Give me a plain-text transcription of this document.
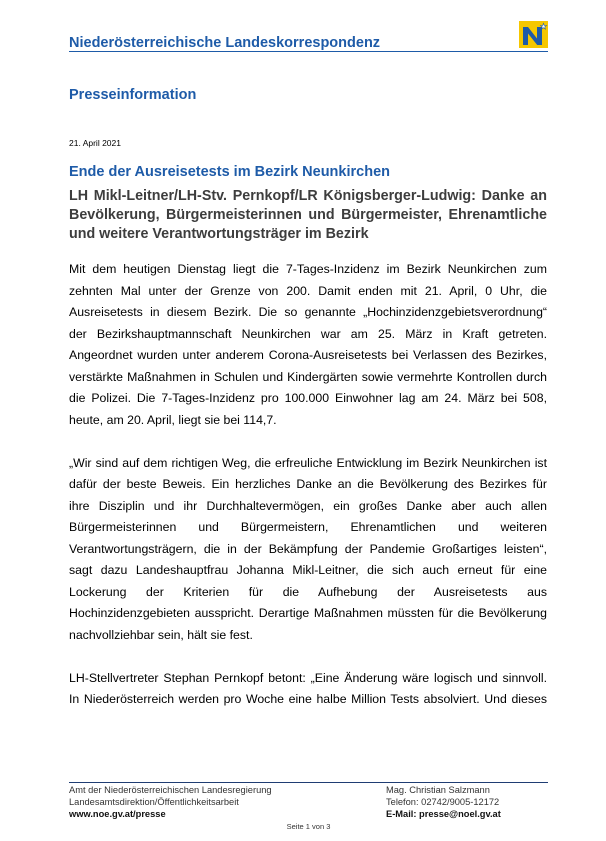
Niederösterreichische Landeskorrespondenz
Presseinformation
21. April 2021
Ende der Ausreisetests im Bezirk Neunkirchen
LH Mikl-Leitner/LH-Stv. Pernkopf/LR Königsberger-Ludwig: Danke an
Bevölkerung, Bürgermeisterinnen und Bürgermeister, Ehrenamtliche
und weitere Verantwortungsträger im Bezirk
Mit dem heutigen Dienstag liegt die 7-Tages-Inzidenz im Bezirk Neunkirchen zum
zehnten Mal unter der Grenze von 200. Damit enden mit 21. April, 0 Uhr, die
Ausreisetests in diesem Bezirk. Die so genannte „Hochinzidenzgebietsverordnung“
der Bezirkshauptmannschaft Neunkirchen war am 25. März in Kraft getreten.
Angeordnet wurden unter anderem Corona-Ausreisetests bei Verlassen des Bezirkes,
verstärkte Maßnahmen in Schulen und Kindergärten sowie vermehrte Kontrollen durch
die Polizei. Die 7-Tages-Inzidenz pro 100.000 Einwohner lag am 24. März bei 508,
heute, am 20. April, liegt sie bei 114,7.
„Wir sind auf dem richtigen Weg, die erfreuliche Entwicklung im Bezirk Neunkirchen ist
dafür der beste Beweis. Ein herzliches Danke an die Bevölkerung des Bezirkes für
ihre Disziplin und ihr Durchhaltevermögen, ein großes Danke aber auch allen
Bürgermeisterinnen und Bürgermeistern, Ehrenamtlichen und weiteren
Verantwortungsträgern, die in der Bekämpfung der Pandemie Großartiges leisten“,
sagt dazu Landeshauptfrau Johanna Mikl-Leitner, die sich auch erneut für eine
Lockerung der Kriterien für die Aufhebung der Ausreisetests aus
Hochinzidenzgebieten ausspricht. Derartige Maßnahmen müssten für die Bevölkerung
nachvollziehbar sein, hält sie fest.
LH-Stellvertreter Stephan Pernkopf betont: „Eine Änderung wäre logisch und sinnvoll.
In Niederösterreich werden pro Woche eine halbe Million Tests absolviert. Und dieses
Amt der Niederösterreichischen Landesregierung
Landesamtsdirektion/Öffentlichkeitsarbeit
www.noe.gv.at/presse
Mag. Christian Salzmann
Telefon: 02742/9005-12172
E-Mail: presse@noel.gv.at
Seite 1 von 3
